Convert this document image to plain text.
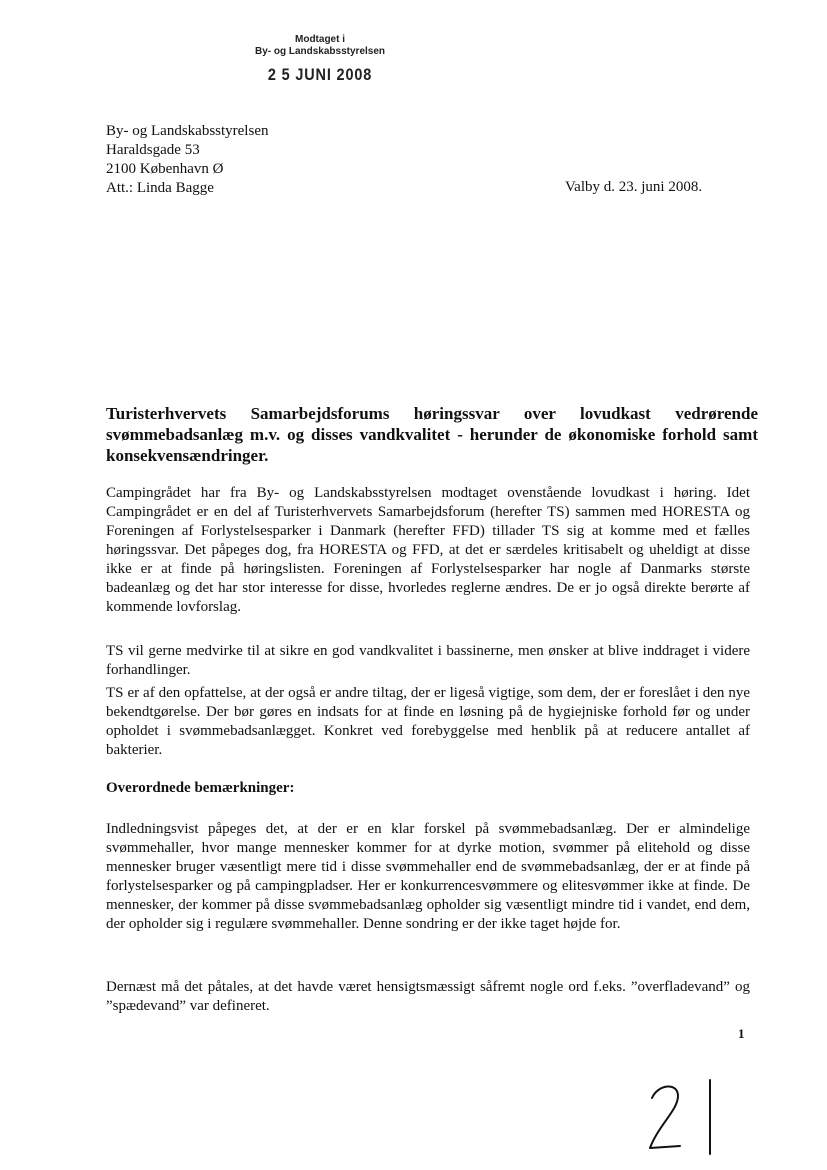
Modtaget i
By- og Landskabsstyrelsen
2 5 JUNI 2008
By- og Landskabsstyrelsen
Haraldsgade 53
2100 København Ø
Att.: Linda Bagge	Valby d. 23. juni 2008.
Turisterhvervets Samarbejdsforums høringssvar over lovudkast vedrørende svømmebadsanlæg m.v. og disses vandkvalitet - herunder de økonomiske forhold samt konsekvensændringer.

Campingrådet har fra By- og Landskabsstyrelsen modtaget ovenstående lovudkast i høring. Idet Campingrådet er en del af Turisterhvervets Samarbejdsforum (herefter TS) sammen med HORESTA og Foreningen af Forlystelsesparker i Danmark (herefter FFD) tillader TS sig at komme med et fælles høringssvar. Det påpeges dog, fra HORESTA og FFD, at det er særdeles kritisabelt og uheldigt at disse ikke er at finde på høringslisten. Foreningen af Forlystelsesparker har nogle af Danmarks største badeanlæg og det har stor interesse for disse, hvorledes reglerne ændres. De er jo også direkte berørte af kommende lovforslag.

TS vil gerne medvirke til at sikre en god vandkvalitet i bassinerne, men ønsker at blive inddraget i videre forhandlinger.

TS er af den opfattelse, at der også er andre tiltag, der er ligeså vigtige, som dem, der er foreslået i den nye bekendtgørelse. Der bør gøres en indsats for at finde en løsning på de hygiejniske forhold før og under opholdet i svømmebadsanlægget. Konkret ved forebyggelse med henblik på at reducere antallet af bakterier.

Overordnede bemærkninger:

Indledningsvist påpeges det, at der er en klar forskel på svømmebadsanlæg. Der er almindelige svømmehaller, hvor mange mennesker kommer for at dyrke motion, svømmer på elitehold og disse mennesker bruger væsentligt mere tid i disse svømmehaller end de svømmebadsanlæg, der er at finde på forlystelsesparker og på campingpladser. Her er konkurrencesvømmere og elitesvømmer ikke at finde. De mennesker, der kommer på disse svømmebadsanlæg opholder sig væsentligt mindre tid i vandet, end dem, der opholder sig i regulære svømmehaller. Denne sondring er der ikke taget højde for.

Dernæst må det påtales, at det havde været hensigtsmæssigt såfremt nogle ord f.eks. ”overfladevand” og ”spædevand” var defineret.

1
